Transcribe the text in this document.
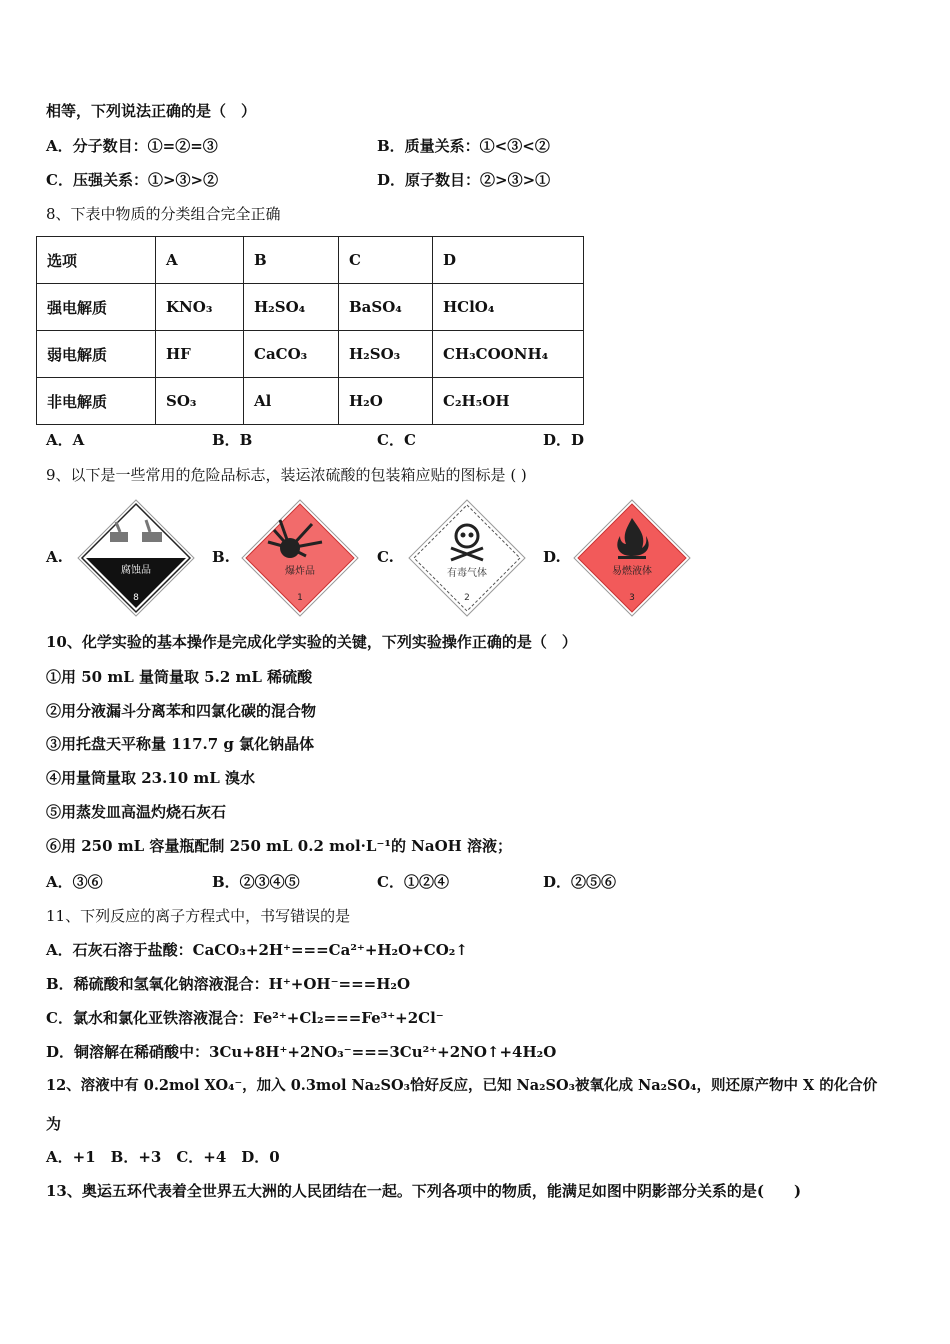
相等，下列说法正确的是（　）
A．分子数目：①=②=③	B．质量关系：①<③<②
C．压强关系：①>③>②	D．原子数目：②>③>①
8、下表中物质的分类组合完全正确
选项	A	B	C	D
强电解质	KNO₃	H₂SO₄	BaSO₄	HClO₄
弱电解质	HF	CaCO₃	H₂SO₃	CH₃COONH₄
非电解质	SO₃	Al	H₂O	C₂H₅OH
A．A	B．B	C．C	D．D
9、以下是一些常用的危险品标志，装运浓硫酸的包装箱应贴的图标是 ( )
A.
腐蚀品
8
B.
爆炸品
1
C.
有毒气体
2
D.
易燃液体
3
10、化学实验的基本操作是完成化学实验的关键，下列实验操作正确的是（　）
①用 50 mL 量筒量取 5.2 mL 稀硫酸
②用分液漏斗分离苯和四氯化碳的混合物
③用托盘天平称量 117.7 g 氯化钠晶体
④用量筒量取 23.10 mL 溴水
⑤用蒸发皿高温灼烧石灰石
⑥用 250 mL 容量瓶配制 250 mL 0.2 mol·L⁻¹的 NaOH 溶液；
A．③⑥	B．②③④⑤	C．①②④	D．②⑤⑥
11、下列反应的离子方程式中，书写错误的是
A．石灰石溶于盐酸：CaCO₃+2H⁺===Ca²⁺+H₂O+CO₂↑
B．稀硫酸和氢氧化钠溶液混合：H⁺+OH⁻===H₂O
C．氯水和氯化亚铁溶液混合：Fe²⁺+Cl₂===Fe³⁺+2Cl⁻
D．铜溶解在稀硝酸中：3Cu+8H⁺+2NO₃⁻===3Cu²⁺+2NO↑+4H₂O
12、溶液中有 0.2mol XO₄⁻，加入 0.3mol Na₂SO₃恰好反应，已知 Na₂SO₃被氧化成 Na₂SO₄，则还原产物中 X 的化合价
为
A．+1　B．+3　C．+4　D．0
13、奥运五环代表着全世界五大洲的人民团结在一起。下列各项中的物质，能满足如图中阴影部分关系的是(　　)
